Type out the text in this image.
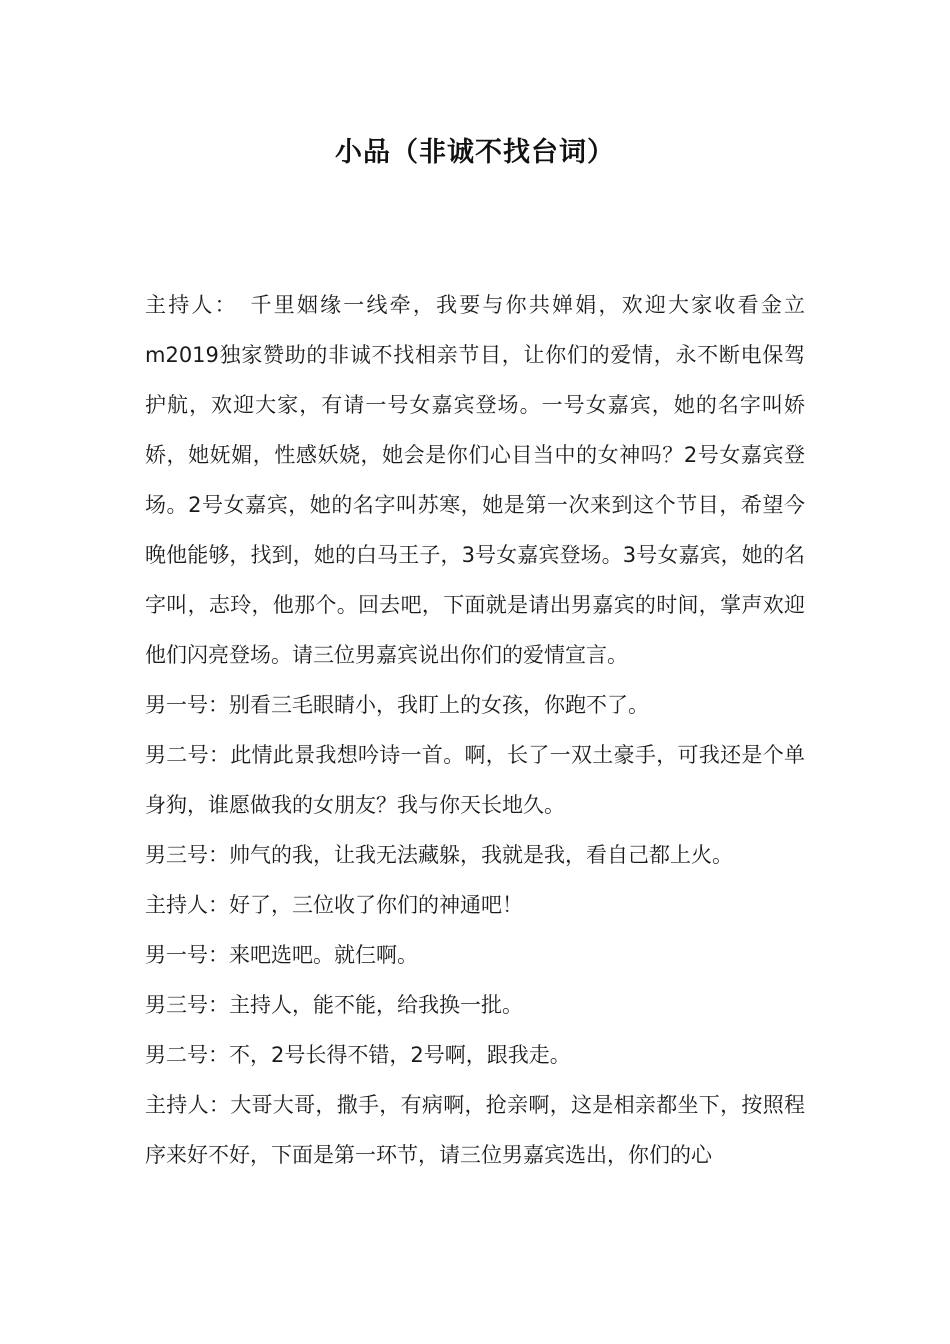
小品（非诚不找台词）

主持人：　千里姻缘一线牵，我要与你共婵娟，欢迎大家收看金立m2019独家赞助的非诚不找相亲节目，让你们的爱情，永不断电保驾护航，欢迎大家，有请一号女嘉宾登场。一号女嘉宾，她的名字叫娇娇，她妩媚，性感妖娆，她会是你们心目当中的女神吗？2号女嘉宾登场。2号女嘉宾，她的名字叫苏寒，她是第一次来到这个节目，希望今晚他能够，找到，她的白马王子，3号女嘉宾登场。3号女嘉宾，她的名字叫，志玲，他那个。回去吧，下面就是请出男嘉宾的时间，掌声欢迎他们闪亮登场。请三位男嘉宾说出你们的爱情宣言。

男一号：别看三毛眼睛小，我盯上的女孩，你跑不了。

男二号：此情此景我想吟诗一首。啊，长了一双土豪手，可我还是个单身狗，谁愿做我的女朋友？我与你天长地久。

男三号：帅气的我，让我无法藏躲，我就是我，看自己都上火。

主持人：好了，三位收了你们的神通吧！

男一号：来吧选吧。就仨啊。

男三号：主持人，能不能，给我换一批。

男二号：不，2号长得不错，2号啊，跟我走。

主持人：大哥大哥，撒手，有病啊，抢亲啊，这是相亲都坐下，按照程序来好不好，下面是第一环节，请三位男嘉宾选出，你们的心
